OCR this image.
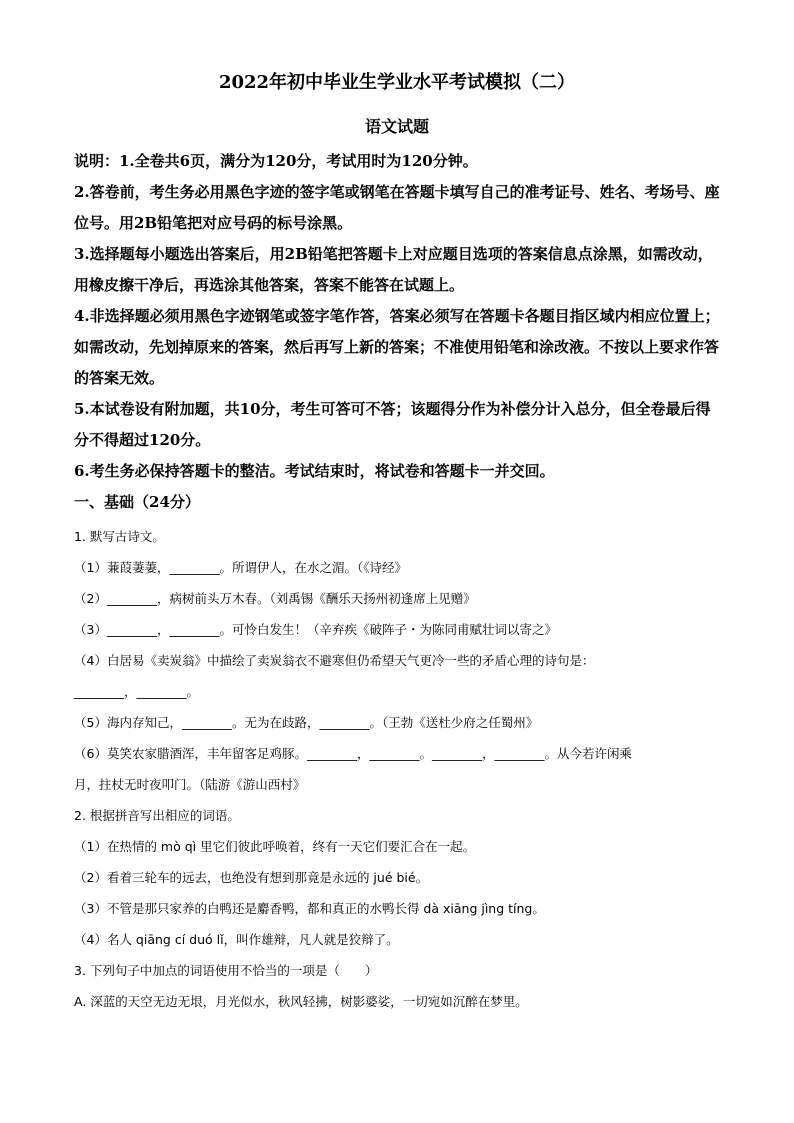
2022年初中毕业生学业水平考试模拟（二）
语文试题

说明：1.全卷共6页，满分为120分，考试用时为120分钟。

2.答卷前，考生务必用黑色字迹的签字笔或钢笔在答题卡填写自己的准考证号、姓名、考场号、座位号。用2B铅笔把对应号码的标号涂黑。

3.选择题每小题选出答案后，用2B铅笔把答题卡上对应题目选项的答案信息点涂黑，如需改动，用橡皮擦干净后，再选涂其他答案，答案不能答在试题上。

4.非选择题必须用黑色字迹钢笔或签字笔作答，答案必须写在答题卡各题目指区域内相应位置上；如需改动，先划掉原来的答案，然后再写上新的答案；不准使用铅笔和涂改液。不按以上要求作答的答案无效。

5.本试卷设有附加题，共10分，考生可答可不答；该题得分作为补偿分计入总分，但全卷最后得分不得超过120分。

6.考生务必保持答题卡的整洁。考试结束时，将试卷和答题卡一并交回。

一、基础（24分）

1. 默写古诗文。

（1）蒹葭萋萋，________。所谓伊人，在水之湄。（《诗经》

（2）________，病树前头万木春。（刘禹锡《酬乐天扬州初逢席上见赠》

（3）________，________。可怜白发生！（辛弃疾《破阵子・为陈同甫赋壮词以寄之》

（4）白居易《卖炭翁》中描绘了卖炭翁衣不避寒但仍希望天气更冷一些的矛盾心理的诗句是：

________，________。

（5）海内存知己，________。无为在歧路，________。（王勃《送杜少府之任蜀州》

（6）莫笑农家腊酒浑，丰年留客足鸡豚。________，________。________，________。从今若许闲乘

月，拄杖无时夜叩门。（陆游《游山西村》

2. 根据拼音写出相应的词语。

（1）在热情的 mò qì 里它们彼此呼唤着，终有一天它们要汇合在一起。

（2）看着三轮车的远去，也绝没有想到那竟是永远的 jué bié。

（3）不管是那只家养的白鸭还是麝香鸭，都和真正的水鸭长得 dà xiāng jìng tíng。

（4）名人 qiāng cí duó lǐ，叫作雄辩，凡人就是狡辩了。

3. 下列句子中加点的词语使用不恰当的一项是（　　）

A. 深蓝的天空无边无垠，月光似水，秋风轻拂，树影婆娑，一切宛如沉醉在梦里。
